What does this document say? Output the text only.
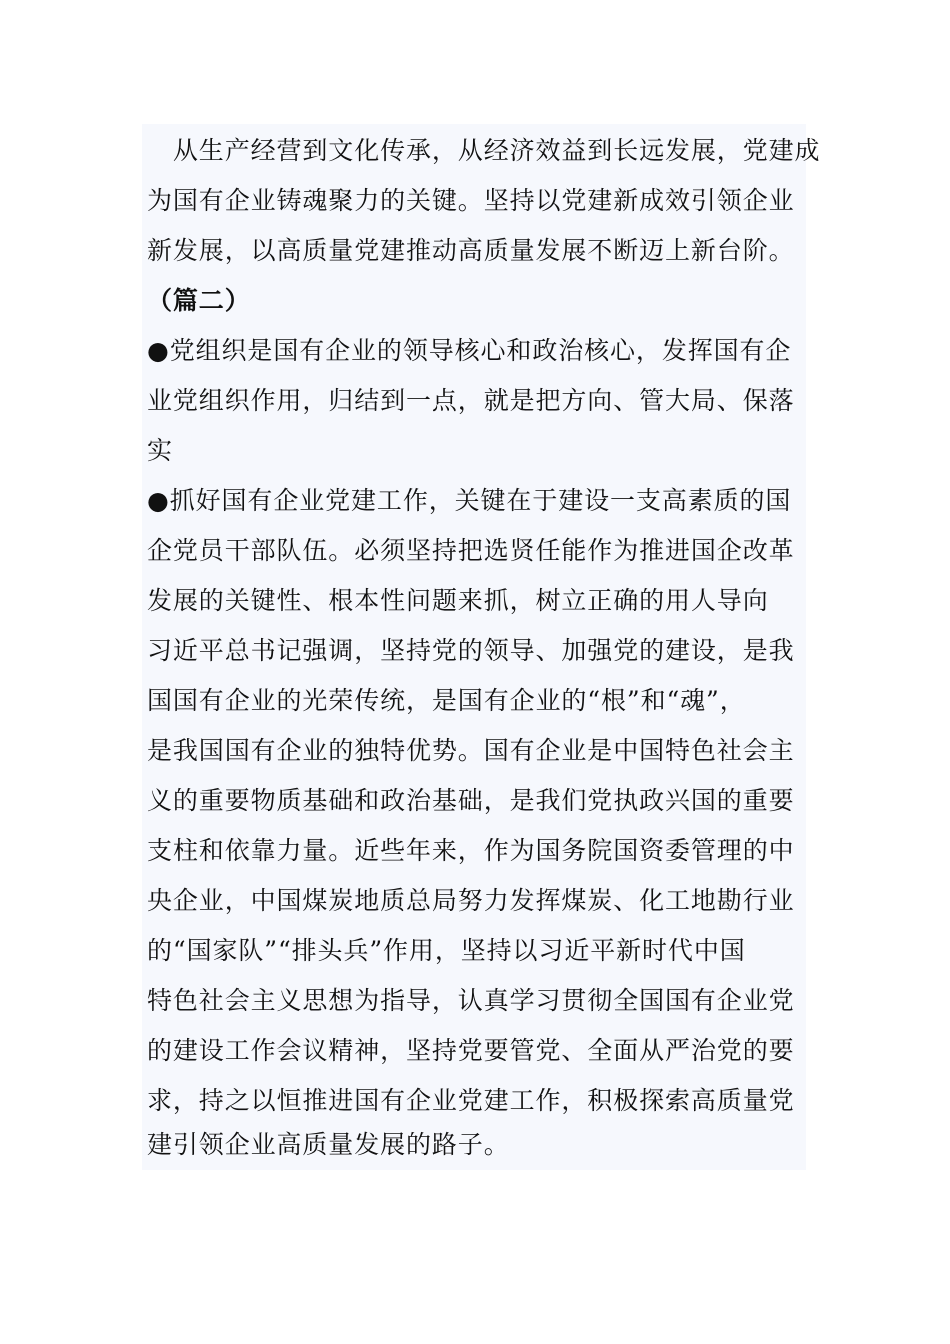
　从生产经营到文化传承，从经济效益到长远发展，党建成
为国有企业铸魂聚力的关键。坚持以党建新成效引领企业
新发展，以高质量党建推动高质量发展不断迈上新台阶。
（篇二）
●党组织是国有企业的领导核心和政治核心，发挥国有企
业党组织作用，归结到一点，就是把方向、管大局、保落
实
●抓好国有企业党建工作，关键在于建设一支高素质的国
企党员干部队伍。必须坚持把选贤任能作为推进国企改革
发展的关键性、根本性问题来抓，树立正确的用人导向
习近平总书记强调，坚持党的领导、加强党的建设，是我
国国有企业的光荣传统，是国有企业的“根”和“魂”，
是我国国有企业的独特优势。国有企业是中国特色社会主
义的重要物质基础和政治基础，是我们党执政兴国的重要
支柱和依靠力量。近些年来，作为国务院国资委管理的中
央企业，中国煤炭地质总局努力发挥煤炭、化工地勘行业
的“国家队”“排头兵”作用，坚持以习近平新时代中国
特色社会主义思想为指导，认真学习贯彻全国国有企业党
的建设工作会议精神，坚持党要管党、全面从严治党的要
求，持之以恒推进国有企业党建工作，积极探索高质量党
建引领企业高质量发展的路子。
